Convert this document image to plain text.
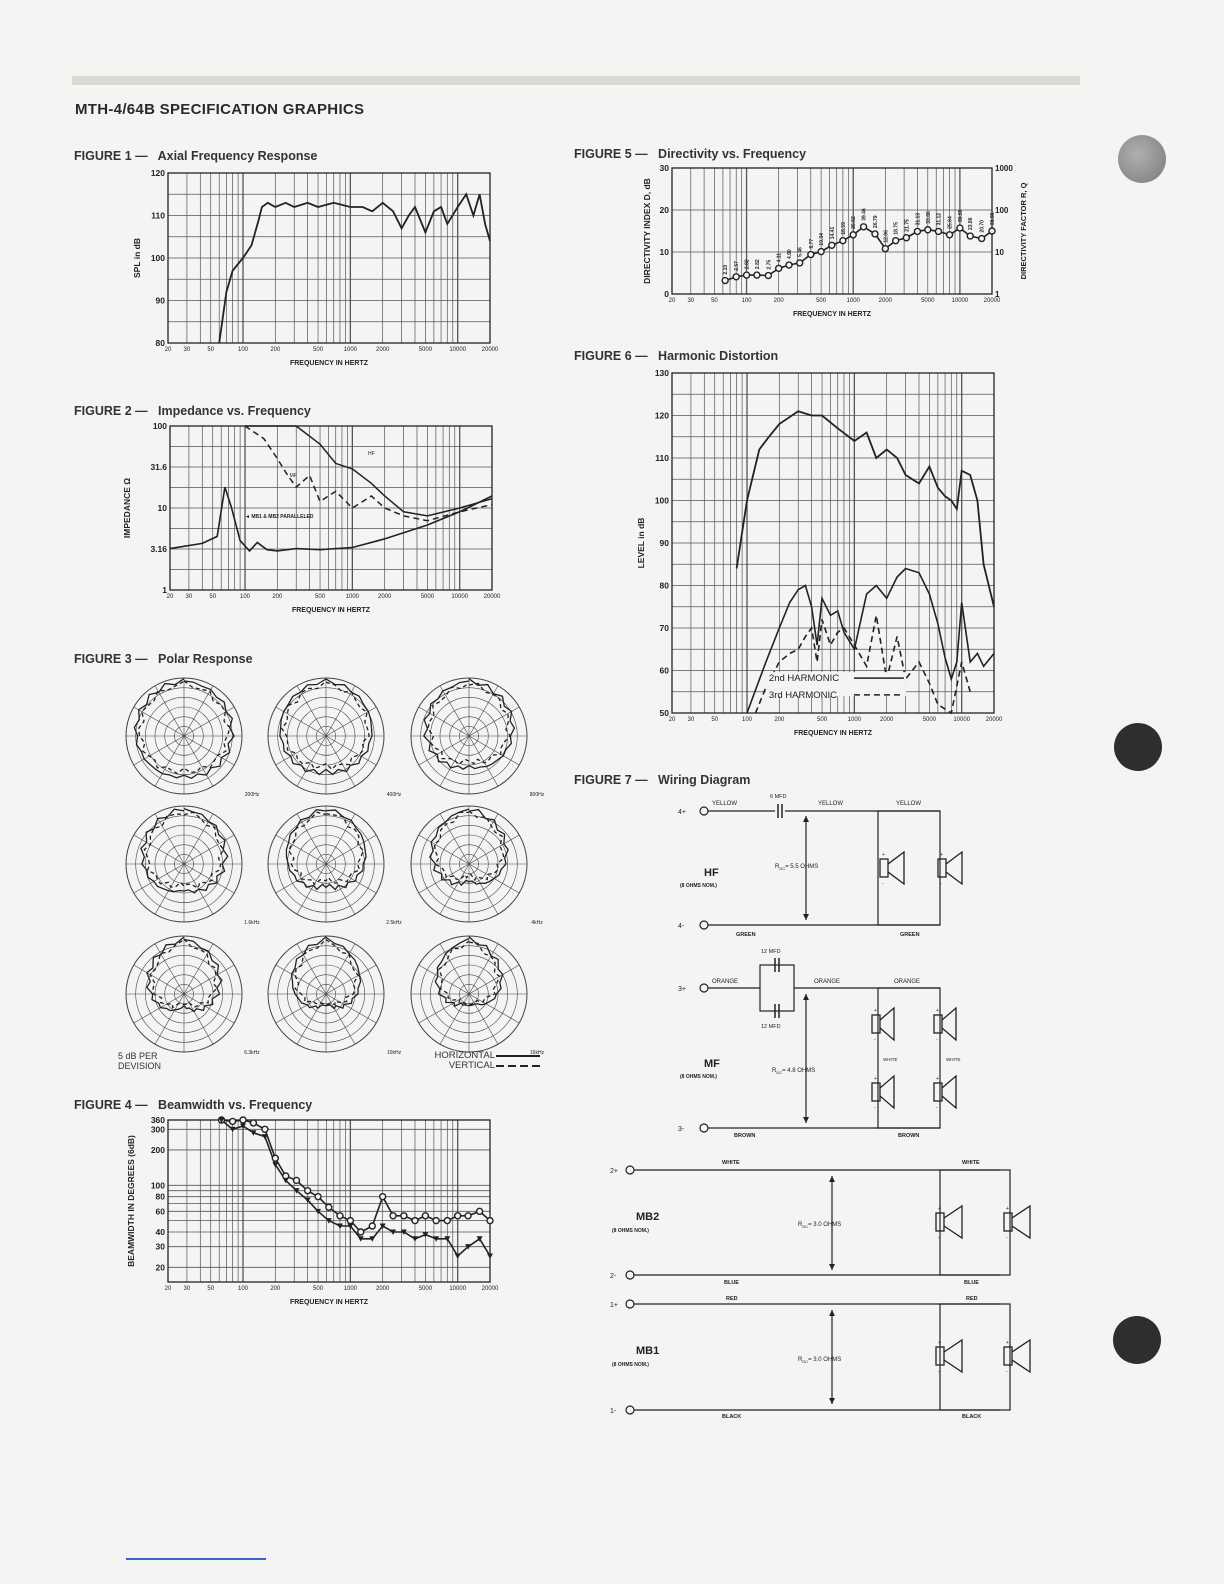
MTH-4/64B SPECIFICATION GRAPHICS
FIGURE 1 — Axial Frequency Response
FIGURE 2 — Impedance vs. Frequency
FIGURE 3 — Polar Response
FIGURE 4 — Beamwidth vs. Frequency
FIGURE 5 — Directivity vs. Frequency
FIGURE 6 — Harmonic Distortion
FIGURE 7 — Wiring Diagram
20 30	50	100	200	500	1000	2000	5000	10000	20000
FREQUENCY IN HERTZ
120
110
100
90
80
SPL in dB
20 30	50	100	200	500	1000	2000	5000	10000	20000
FREQUENCY IN HERTZ
100
31.6
10
3.16
1
IMPEDANCE Ω
HF
MF
◄ MB1 & MB2 PARALLELED
20 30	50	100	200	500	1000	2000	5000	10000	20000
FREQUENCY IN HERTZ
360
300
200
100
80
60
40
30
20
BEAMWIDTH IN DEGREES (6dB)
20 30	50	100	200	500	1000	2000	5000	10000	20000
FREQUENCY IN HERTZ
30
20
10
0
DIRECTIVITY INDEX D, dB
1000
100
10
1
DIRECTIVITY FACTOR R, Q
2.10 2.57 2.82 2.82 2.75
4.11 4.90 5.46
8.77 10.34
14.41 18.59 25.82
39.46
26.79
12.06
18.75 21.75
31.13 33.86 31.12 25.64
36.90
23.86 20.70
31.86
20 30	50	100	200	500	1000	2000	5000	10000	20000
FREQUENCY IN HERTZ
130
120
110
100
90
80
70
60
50
LEVEL in dB
2nd HARMONIC
3rd HARMONIC
200Hz	400Hz	800Hz
1.6kHz	2.5kHz	4kHz
6.3kHz	10kHz	16kHz
4+
4-
6 MFD
YELLOW	YELLOW	YELLOW
GREEN	GREEN
$R_{DC}= 5.5$ OHMS
HF
(8 OHMS NOM.)
+
-
+
-
3+
3-
12 MFD
12 MFD
ORANGE	ORANGE	ORANGE
BROWN	BROWN
$R_{DC}= 4.8$ OHMS
MF
(8 OHMS NOM.)
+
-
+
-
+
-
+
-
WHITE	WHITE
2+
2-
WHITE	WHITE
BLUE	BLUE
$R_{DC}= 3.0$ OHMS
MB2
(8 OHMS NOM.)
+
-
+
-
1+
1-
RED	RED
BLACK	BLACK
$R_{DC}= 3.0$ OHMS
MB1
(8 OHMS NOM.)
+
-
+
-
5 dB PER
DEVISION
HORIZONTAL
VERTICAL
